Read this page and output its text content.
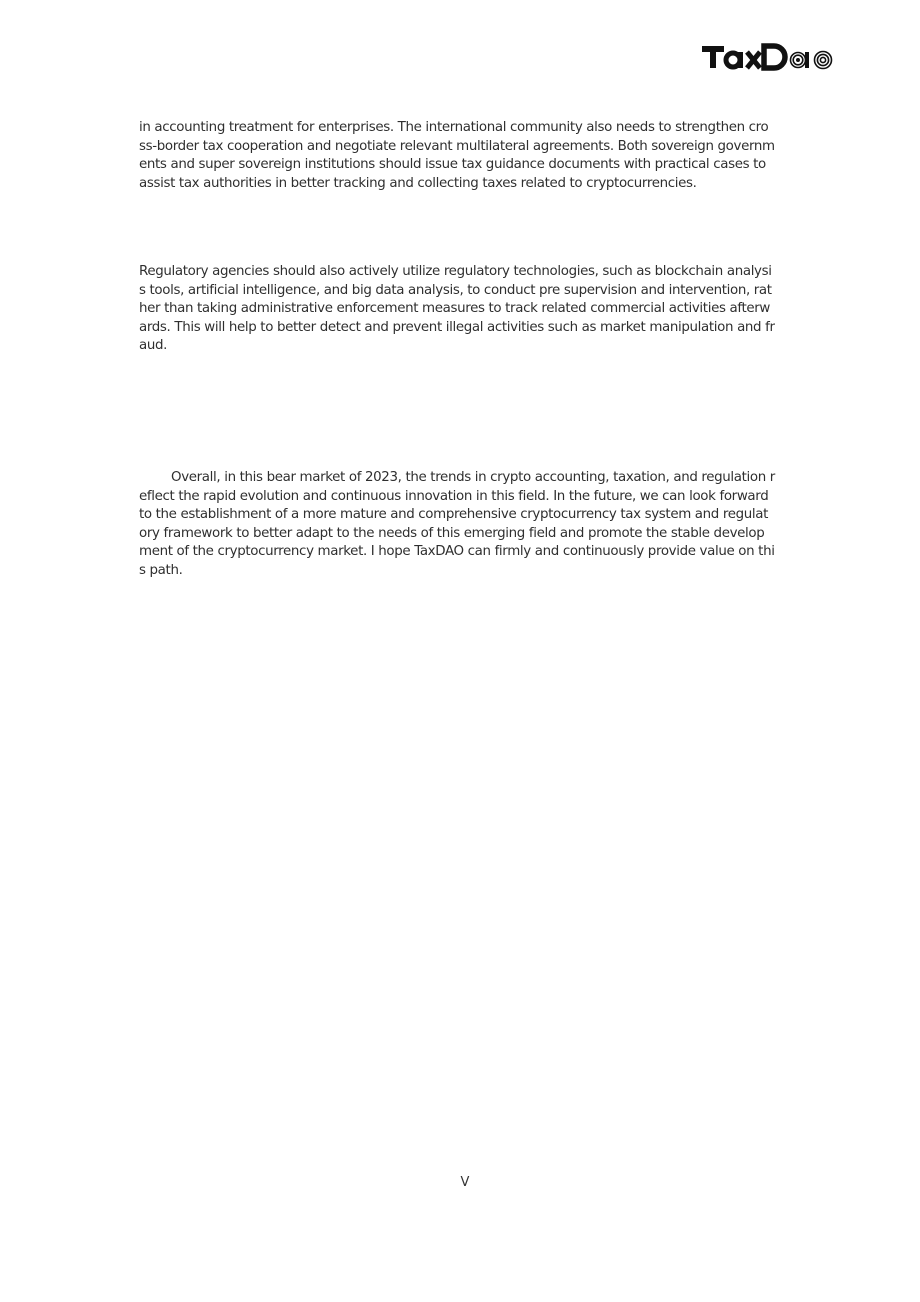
in accounting treatment for enterprises. The international community also needs to strengthen cross-border tax cooperation and negotiate relevant multilateral agreements. Both sovereign governments and super sovereign institutions should issue tax guidance documents with practical cases to assist tax authorities in better tracking and collecting taxes related to cryptocurrencies.

Regulatory agencies should also actively utilize regulatory technologies, such as blockchain analysis tools, artificial intelligence, and big data analysis, to conduct pre supervision and intervention, rather than taking administrative enforcement measures to track related commercial activities afterwards. This will help to better detect and prevent illegal activities such as market manipulation and fraud.

Overall, in this bear market of 2023, the trends in crypto accounting, taxation, and regulation reflect the rapid evolution and continuous innovation in this field. In the future, we can look forward to the establishment of a more mature and comprehensive cryptocurrency tax system and regulatory framework to better adapt to the needs of this emerging field and promote the stable development of the cryptocurrency market. I hope TaxDAO can firmly and continuously provide value on this path.

V
